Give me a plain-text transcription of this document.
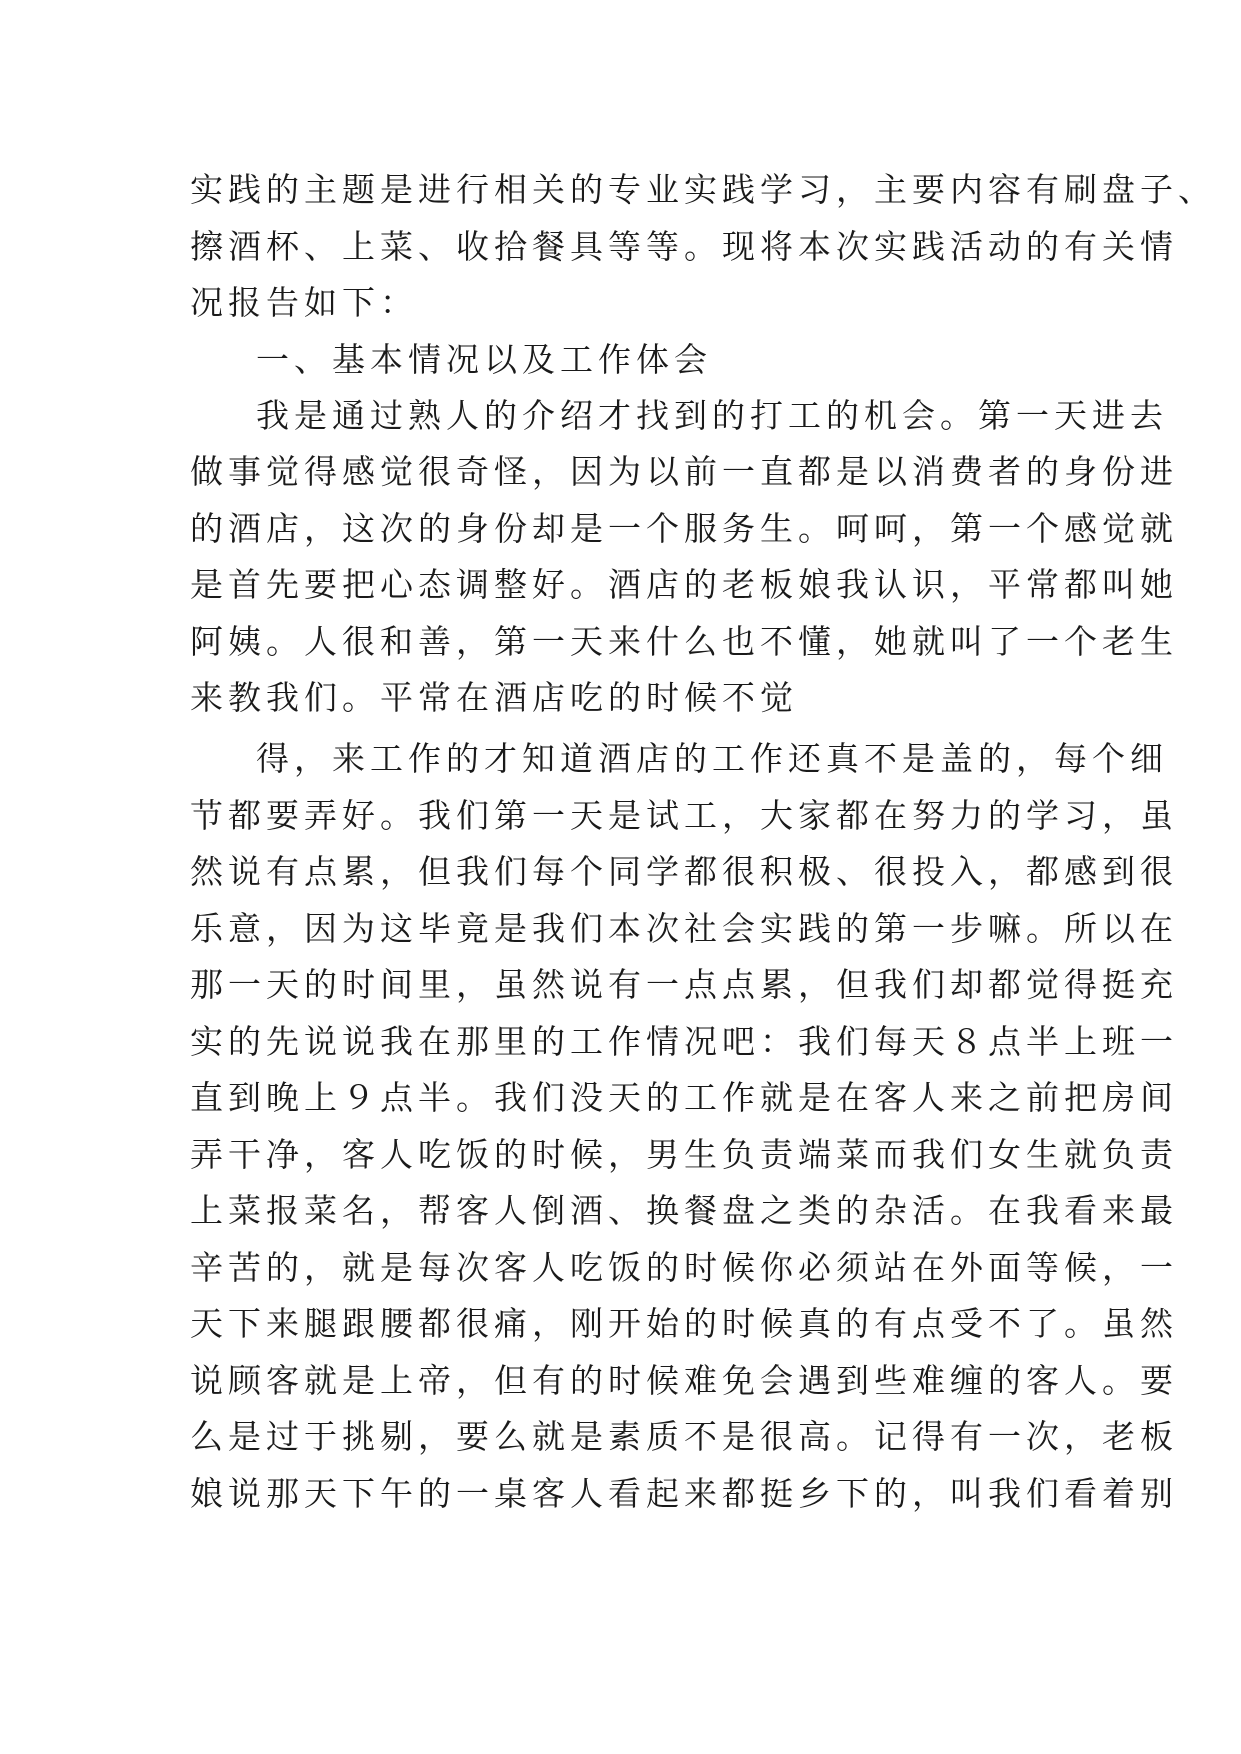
实践的主题是进行相关的专业实践学习，主要内容有刷盘子、
擦酒杯、上菜、收拾餐具等等。现将本次实践活动的有关情
况报告如下：
一、基本情况以及工作体会
我是通过熟人的介绍才找到的打工的机会。第一天进去
做事觉得感觉很奇怪，因为以前一直都是以消费者的身份进
的酒店，这次的身份却是一个服务生。呵呵，第一个感觉就
是首先要把心态调整好。酒店的老板娘我认识，平常都叫她
阿姨。人很和善，第一天来什么也不懂，她就叫了一个老生
来教我们。平常在酒店吃的时候不觉
得，来工作的才知道酒店的工作还真不是盖的，每个细
节都要弄好。我们第一天是试工，大家都在努力的学习，虽
然说有点累，但我们每个同学都很积极、很投入，都感到很
乐意，因为这毕竟是我们本次社会实践的第一步嘛。所以在
那一天的时间里，虽然说有一点点累，但我们却都觉得挺充
实的先说说我在那里的工作情况吧：我们每天８点半上班一
直到晚上９点半。我们没天的工作就是在客人来之前把房间
弄干净，客人吃饭的时候，男生负责端菜而我们女生就负责
上菜报菜名，帮客人倒酒、换餐盘之类的杂活。在我看来最
辛苦的，就是每次客人吃饭的时候你必须站在外面等候，一
天下来腿跟腰都很痛，刚开始的时候真的有点受不了。虽然
说顾客就是上帝，但有的时候难免会遇到些难缠的客人。要
么是过于挑剔，要么就是素质不是很高。记得有一次，老板
娘说那天下午的一桌客人看起来都挺乡下的，叫我们看着别
